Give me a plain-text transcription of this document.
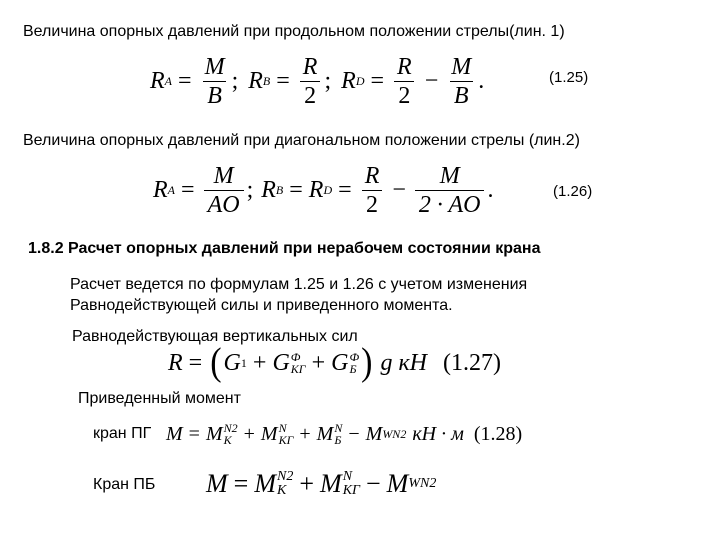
Величина опорных давлений при продольном положении стрелы(лин. 1)
R $A = \frac{M}{B}$ ; R $B = \frac{R}{2}$ ; R $D = \frac{R}{2} - \frac{M}{B}$ .	(1.25)
Величина опорных давлений при диагональном положении стрелы (лин.2)
R $A = \frac{M}{AO}$ ; R B = R $D = \frac{R}{2} - \frac{M}{2 \cdot AO}$ .	(1.26)
1.8.2 Расчет опорных давлений при нерабочем состоянии крана
Расчет ведется по формулам 1.25 и 1.26 с учетом изменения
Равнодействующей силы и приведенного момента.
Равнодействующая вертикальных сил
R = ( G 1 + G Ф
КГ + G Ф
Б ) g кH (1.27)
Приведенный момент
кран ПГ M = M N2
K + M N
КГ + M N
Б − M WN2 кН · м (1.28)
Кран ПБ M = M N2
K + M N
КГ − M WN2
